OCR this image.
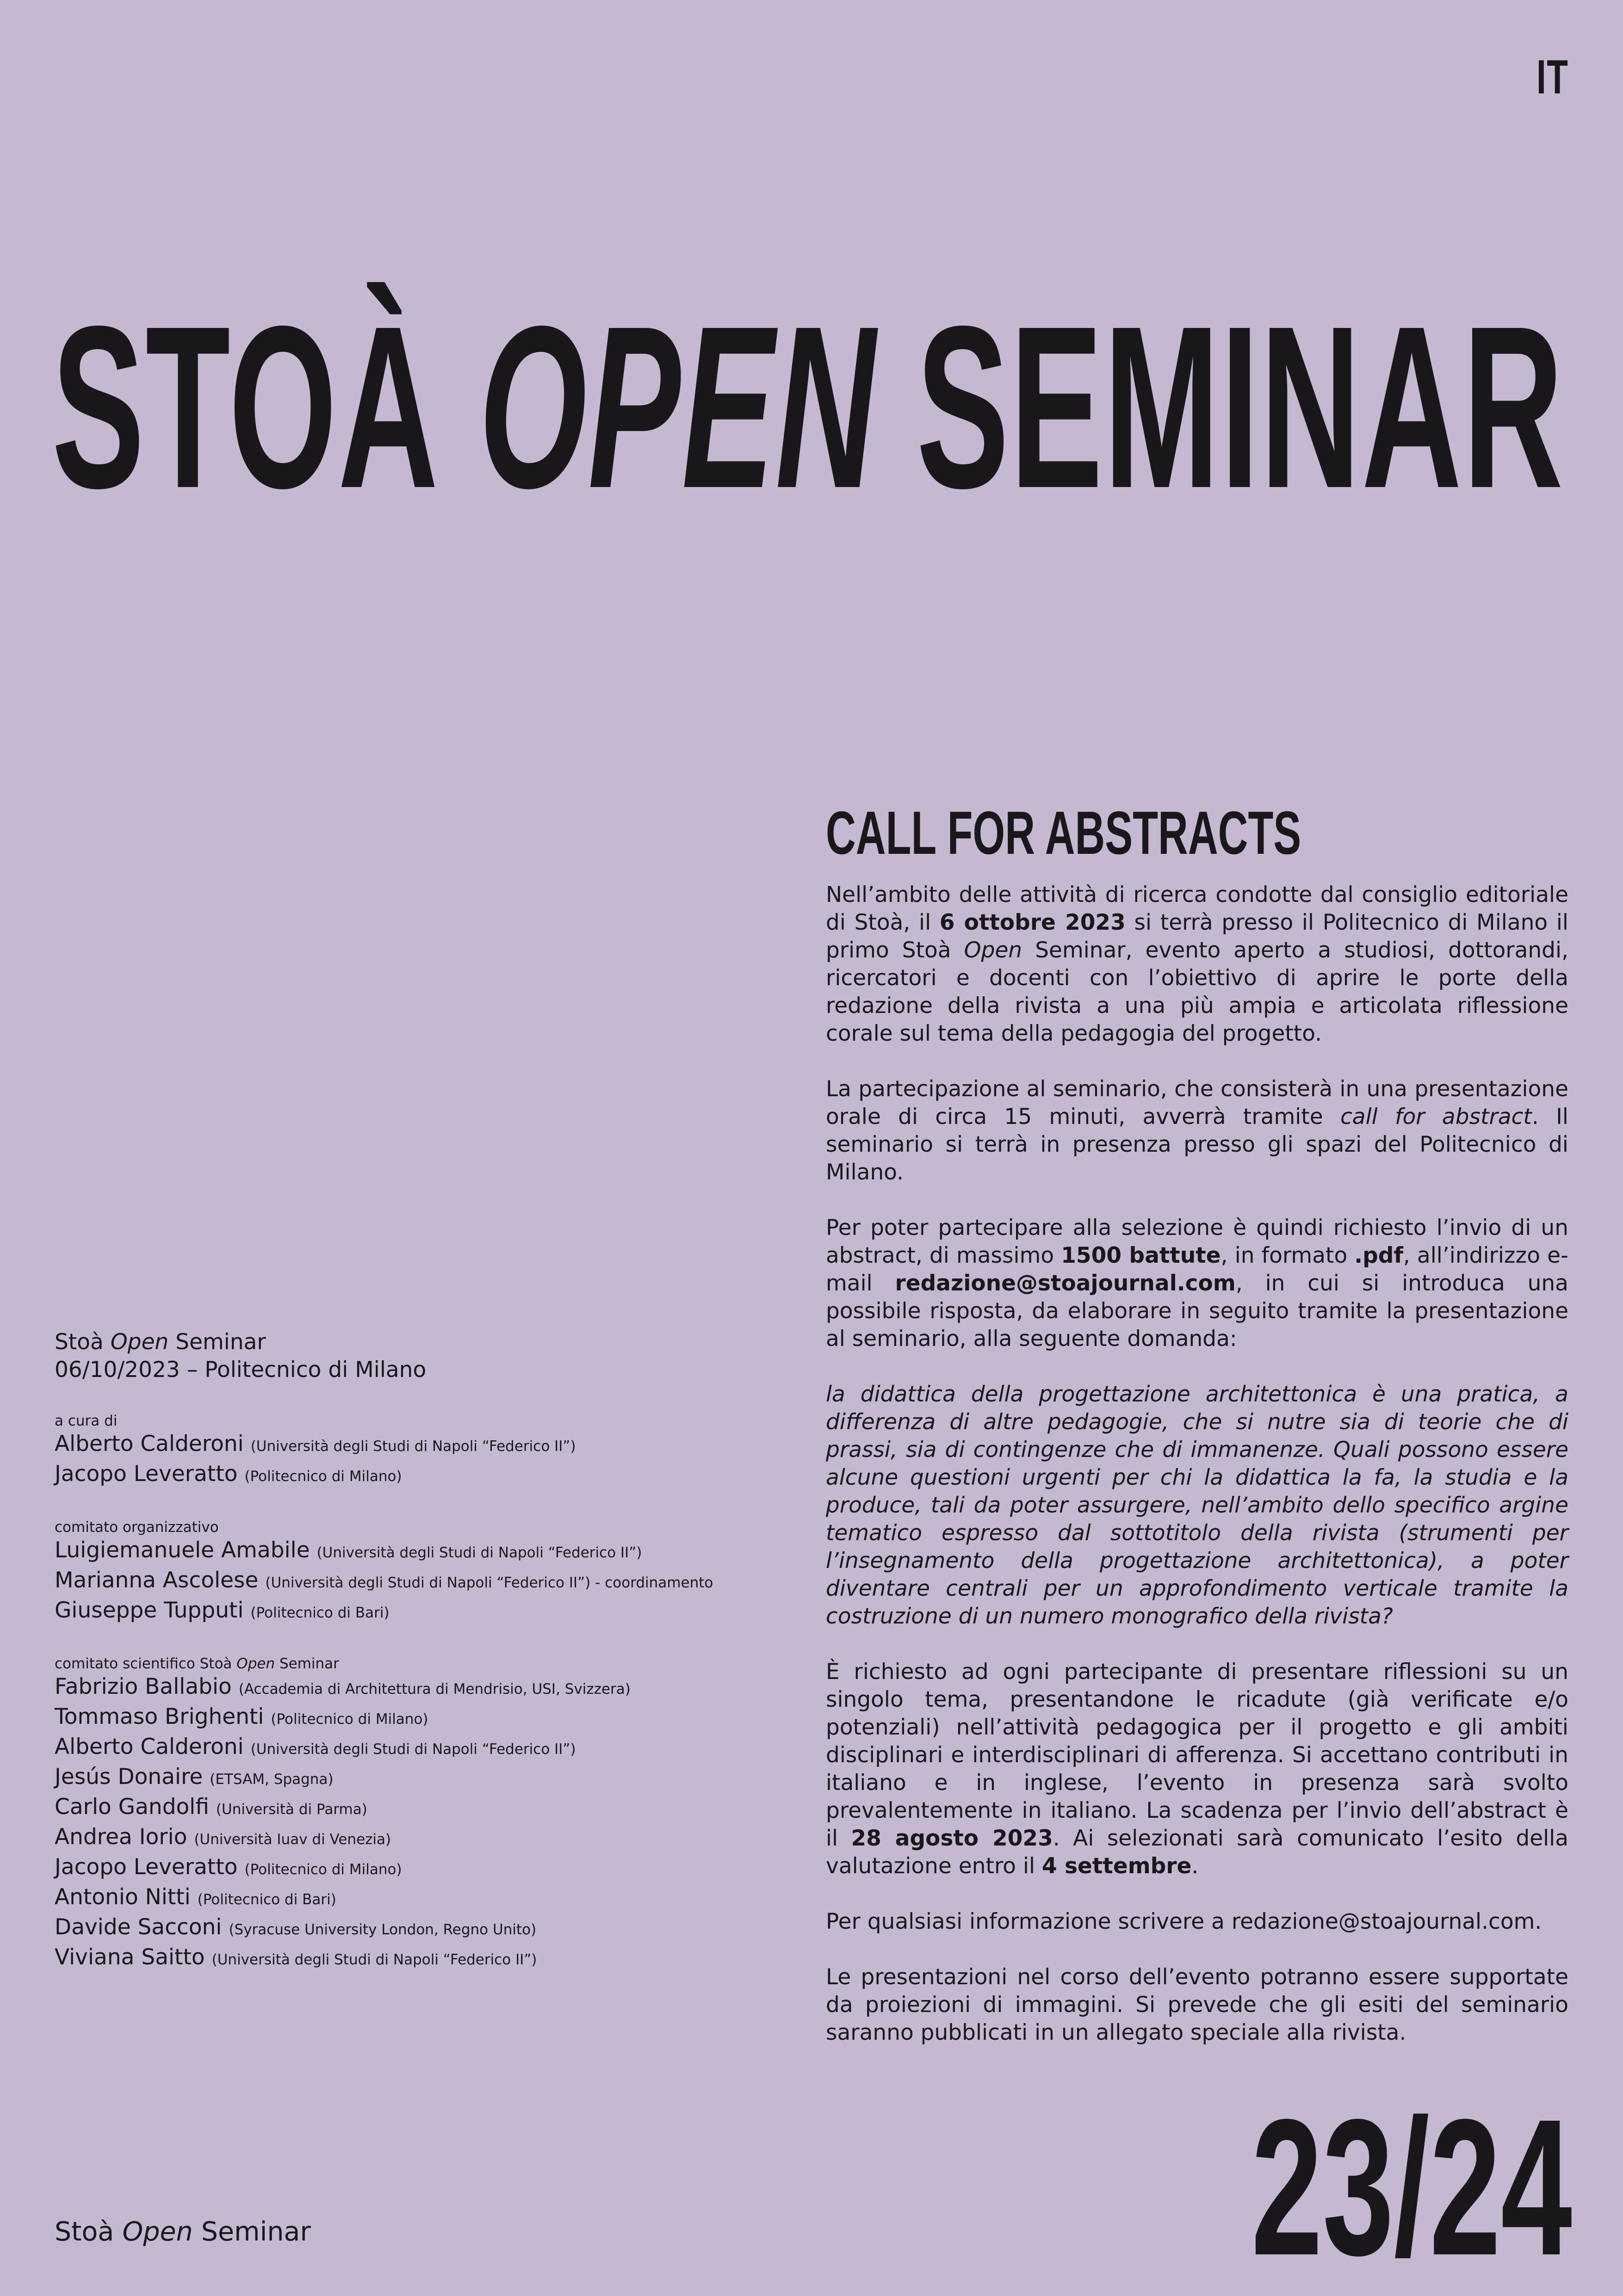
IT
STOÀ OPEN SEMINAR
CALL FOR ABSTRACTS

Nell’ambito delle attività di ricerca condotte dal consiglio editoriale di Stoà, il 6 ottobre 2023 si terrà presso il Politecnico di Milano il primo Stoà Open Seminar, evento aperto a studiosi, dottorandi, ricercatori e docenti con l’obiettivo di aprire le porte della redazione della rivista a una più ampia e articolata riflessione corale sul tema della pedagogia del progetto.

La partecipazione al seminario, che consisterà in una presentazione orale di circa 15 minuti, avverrà tramite call for abstract. Il seminario si terrà in presenza presso gli spazi del Politecnico di Milano.

Per poter partecipare alla selezione è quindi richiesto l’invio di un abstract, di massimo 1500 battute, in formato .pdf, all’indirizzo e-mail redazione@stoajournal.com, in cui si introduca una possibile risposta, da elaborare in seguito tramite la presentazione al seminario, alla seguente domanda:

la didattica della progettazione architettonica è una pratica, a differenza di altre pedagogie, che si nutre sia di teorie che di prassi, sia di contingenze che di immanenze. Quali possono essere alcune questioni urgenti per chi la didattica la fa, la studia e la produce, tali da poter assurgere, nell’ambito dello specifico argine tematico espresso dal sottotitolo della rivista (strumenti per l’insegnamento della progettazione architettonica), a poter diventare centrali per un approfondimento verticale tramite la costruzione di un numero monografico della rivista?

È richiesto ad ogni partecipante di presentare riflessioni su un singolo tema, presentandone le ricadute (già verificate e/o potenziali) nell’attività pedagogica per il progetto e gli ambiti disciplinari e interdisciplinari di afferenza. Si accettano contributi in italiano e in inglese, l’evento in presenza sarà svolto prevalentemente in italiano. La scadenza per l’invio dell’abstract è il 28 agosto 2023. Ai selezionati sarà comunicato l’esito della valutazione entro il 4 settembre.

Per qualsiasi informazione scrivere a redazione@stoajournal.com.

Le presentazioni nel corso dell’evento potranno essere supportate da proiezioni di immagini. Si prevede che gli esiti del seminario saranno pubblicati in un allegato speciale alla rivista.

Stoà Open Seminar
06/10/2023 – Politecnico di Milano
a cura di
Alberto Calderoni (Università degli Studi di Napoli “Federico II”)
Jacopo Leveratto (Politecnico di Milano)
comitato organizzativo
Luigiemanuele Amabile (Università degli Studi di Napoli “Federico II”)
Marianna Ascolese (Università degli Studi di Napoli “Federico II”) - coordinamento
Giuseppe Tupputi (Politecnico di Bari)
comitato scientifico Stoà Open Seminar
Fabrizio Ballabio (Accademia di Architettura di Mendrisio, USI, Svizzera)
Tommaso Brighenti (Politecnico di Milano)
Alberto Calderoni (Università degli Studi di Napoli “Federico II”)
Jesús Donaire (ETSAM, Spagna)
Carlo Gandolfi (Università di Parma)
Andrea Iorio (Università Iuav di Venezia)
Jacopo Leveratto (Politecnico di Milano)
Antonio Nitti (Politecnico di Bari)
Davide Sacconi (Syracuse University London, Regno Unito)
Viviana Saitto (Università degli Studi di Napoli “Federico II”)
Stoà Open Seminar	23/24
